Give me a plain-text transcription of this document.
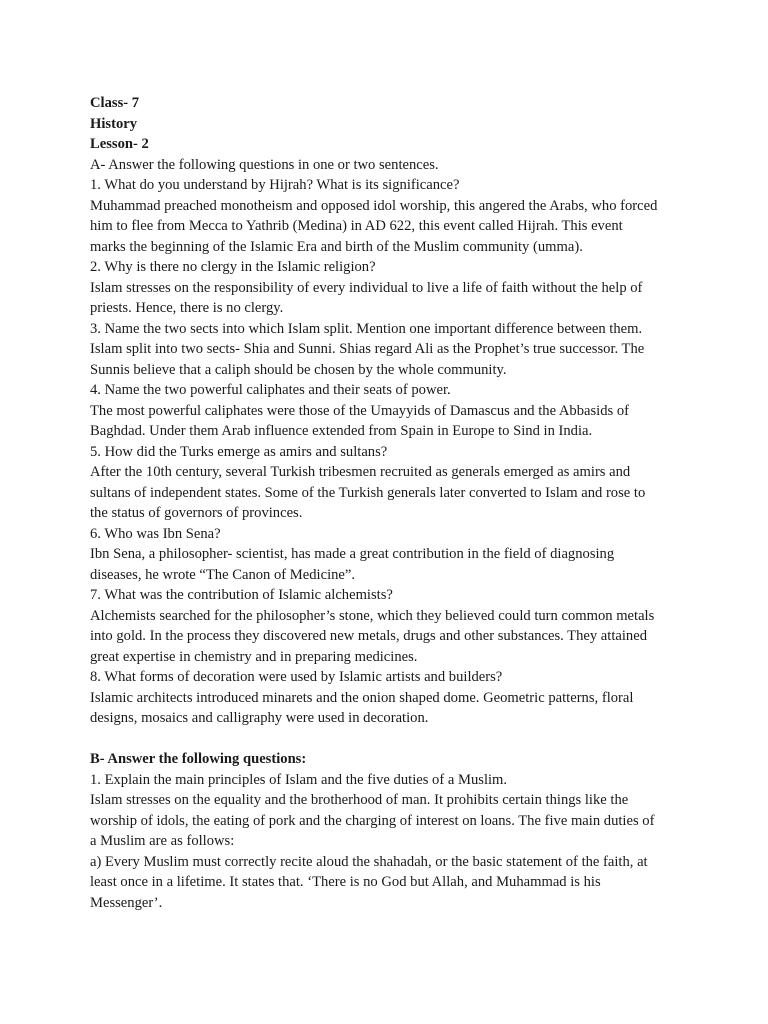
Class- 7
History
Lesson- 2
A- Answer the following questions in one or two sentences.
1. What do you understand by Hijrah? What is its significance?
Muhammad preached monotheism and opposed idol worship, this angered the Arabs, who forced
him to flee from Mecca to Yathrib (Medina) in AD 622, this event called Hijrah. This event
marks the beginning of the Islamic Era and birth of the Muslim community (umma).
2. Why is there no clergy in the Islamic religion?
Islam stresses on the responsibility of every individual to live a life of faith without the help of
priests. Hence, there is no clergy.
3. Name the two sects into which Islam split. Mention one important difference between them.
Islam split into two sects- Shia and Sunni. Shias regard Ali as the Prophet’s true successor. The
Sunnis believe that a caliph should be chosen by the whole community.
4. Name the two powerful caliphates and their seats of power.
The most powerful caliphates were those of the Umayyids of Damascus and the Abbasids of
Baghdad. Under them Arab influence extended from Spain in Europe to Sind in India.
5. How did the Turks emerge as amirs and sultans?
After the 10th century, several Turkish tribesmen recruited as generals emerged as amirs and
sultans of independent states. Some of the Turkish generals later converted to Islam and rose to
the status of governors of provinces.
6. Who was Ibn Sena?
Ibn Sena, a philosopher- scientist, has made a great contribution in the field of diagnosing
diseases, he wrote “The Canon of Medicine”.
7. What was the contribution of Islamic alchemists?
Alchemists searched for the philosopher’s stone, which they believed could turn common metals
into gold. In the process they discovered new metals, drugs and other substances. They attained
great expertise in chemistry and in preparing medicines.
8. What forms of decoration were used by Islamic artists and builders?
Islamic architects introduced minarets and the onion shaped dome. Geometric patterns, floral
designs, mosaics and calligraphy were used in decoration.
B- Answer the following questions:
1. Explain the main principles of Islam and the five duties of a Muslim.
Islam stresses on the equality and the brotherhood of man. It prohibits certain things like the
worship of idols, the eating of pork and the charging of interest on loans. The five main duties of
a Muslim are as follows:
a) Every Muslim must correctly recite aloud the shahadah, or the basic statement of the faith, at
least once in a lifetime. It states that. ‘There is no God but Allah, and Muhammad is his
Messenger’.
